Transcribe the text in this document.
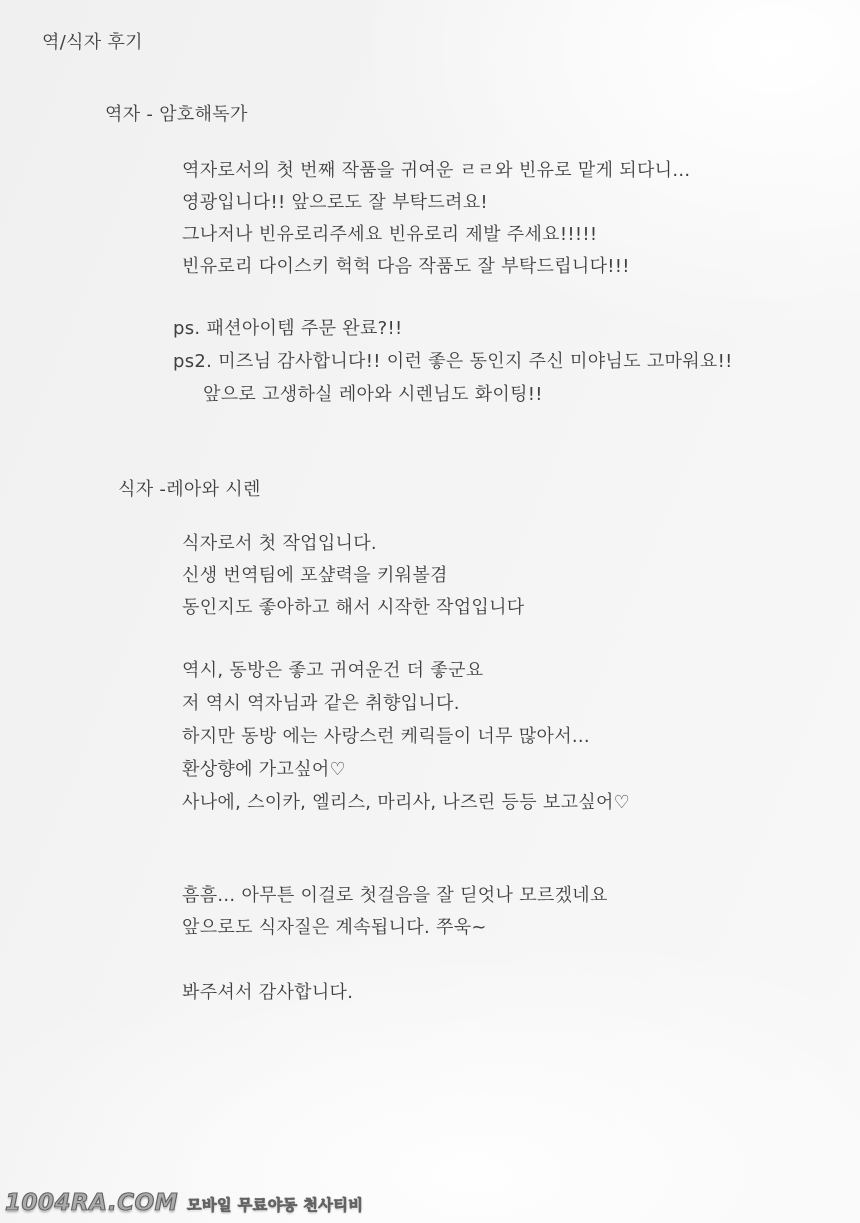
역/식자 후기
역자 - 암호해독가
역자로서의 첫 번째 작품을 귀여운 ㄹㄹ와 빈유로 맡게 되다니...
영광입니다!! 앞으로도 잘 부탁드려요!
그나저나 빈유로리주세요 빈유로리 제발 주세요!!!!!
빈유로리 다이스키 헉헉 다음 작품도 잘 부탁드립니다!!!
ps. 패션아이템 주문 완료?!!
ps2. 미즈님 감사합니다!! 이런 좋은 동인지 주신 미야님도 고마워요!!
앞으로 고생하실 레아와 시렌님도 화이팅!!
식자 -레아와 시렌
식자로서 첫 작업입니다.
신생 번역팀에 포샾력을 키워볼겸
동인지도 좋아하고 해서 시작한 작업입니다
역시, 동방은 좋고 귀여운건 더 좋군요
저 역시 역자님과 같은 취향입니다.
하지만 동방 에는 사랑스런 케릭들이 너무 많아서...
환상향에 가고싶어♡
사나에, 스이카, 엘리스, 마리사, 나즈린 등등 보고싶어♡
흠흠... 아무튼 이걸로 첫걸음을 잘 딛엇나 모르겠네요
앞으로도 식자질은 계속됩니다. 쭈욱~
봐주셔서 감사합니다.
1004RA.COM 모바일 무료야동 천사티비
